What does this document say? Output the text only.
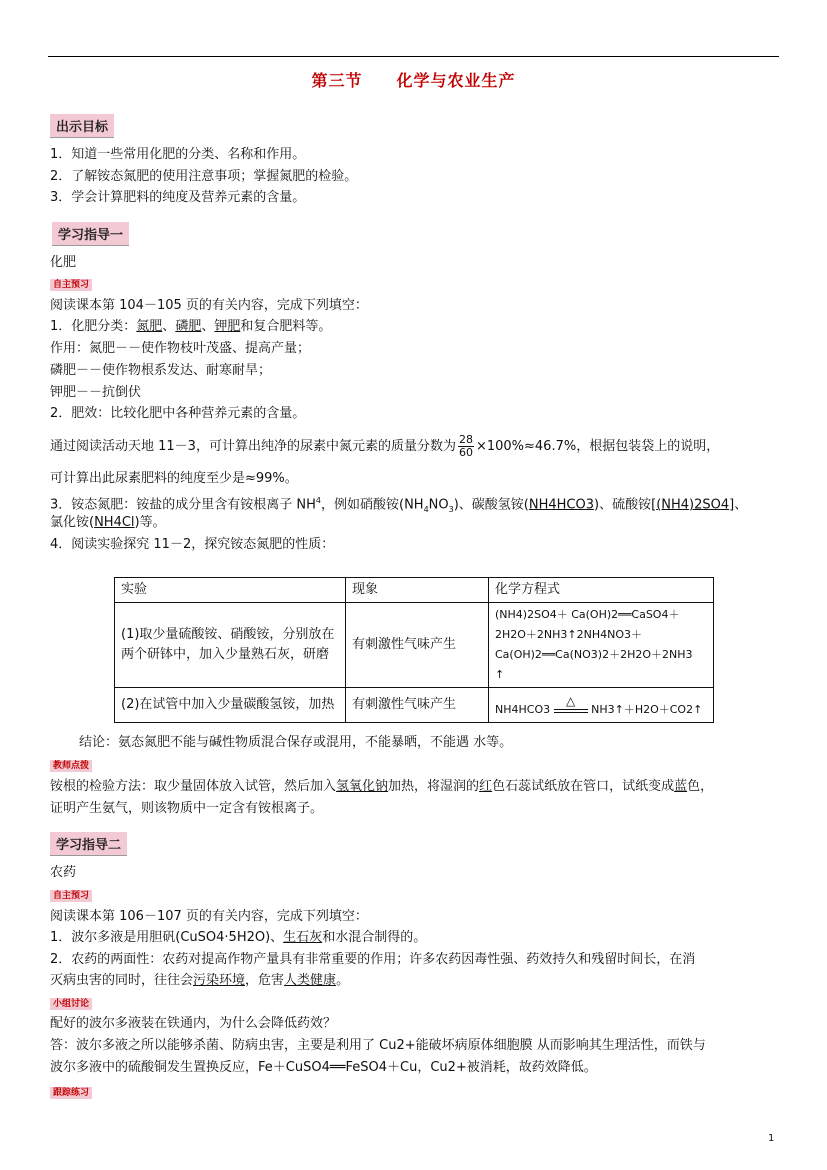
第三节 化学与农业生产
出示目标
1．知道一些常用化肥的分类、名称和作用。
2．了解铵态氮肥的使用注意事项；掌握氮肥的检验。
3．学会计算肥料的纯度及营养元素的含量。
学习指导一
化肥
自主预习
阅读课本第 104－105 页的有关内容，完成下列填空：
1．化肥分类：氮肥、磷肥、钾肥和复合肥料等。
作用：氮肥－－使作物枝叶茂盛、提高产量；
磷肥－－使作物根系发达、耐寒耐旱；
钾肥－－抗倒伏
2．肥效：比较化肥中各种营养元素的含量。
通过阅读活动天地 11－3，可计算出纯净的尿素中氮元素的质量分数为 $\frac{28}{60} \times 100\%\approx 46.7\%$，根据包装袋上的说明，
可计算出此尿素肥料的纯度至少是≈99%。
3．铵态氮肥：铵盐的成分里含有铵根离子 $NH^4$，例如硝酸铵$(NH_4NO_3)$、碳酸氢铵(NH4HCO3)、硫酸铵[(NH4)2SO4]、
氯化铵(NH4Cl)等。
4．阅读实验探究 11－2，探究铵态氮肥的性质：
实验	现象	化学方程式
(1)取少量硫酸铵、硝酸铵，分别放在两个研钵中，加入少量熟石灰，研磨	有刺激性气味产生	(NH4)2SO4＋ Ca(OH)2══CaSO4＋
2H2O＋2NH3↑2NH4NO3＋
Ca(OH)2══Ca(NO3)2＋2H2O＋2NH3
↑

(2)在试管中加入少量碳酸氢铵，加热	有刺激性气味产生	NH4HCO3
△
NH3↑＋H2O＋CO2↑
结论：氨态氮肥不能与碱性物质混合保存或混用，不能暴晒，不能遇 水等。
教师点拨
铵根的检验方法：取少量固体放入试管，然后加入氢氧化钠加热，将湿润的红色石蕊试纸放在管口，试纸变成蓝色，
证明产生氨气，则该物质中一定含有铵根离子。
学习指导二
农药
自主预习
阅读课本第 106－107 页的有关内容，完成下列填空：
1．波尔多液是用胆矾(CuSO4·5H2O)、生石灰和水混合制得的。
2．农药的两面性：农药对提高作物产量具有非常重要的作用；许多农药因毒性强、药效持久和残留时间长，在消
灭病虫害的同时，往往会污染环境，危害人类健康。
小组讨论
配好的波尔多液装在铁通内，为什么会降低药效？
答：波尔多液之所以能够杀菌、防病虫害，主要是利用了 Cu2+能破坏病原体细胞膜 从而影响其生理活性，而铁与
波尔多液中的硫酸铜发生置换反应，Fe＋CuSO4══FeSO4＋Cu，Cu2+被消耗，故药效降低。
跟踪练习
1
